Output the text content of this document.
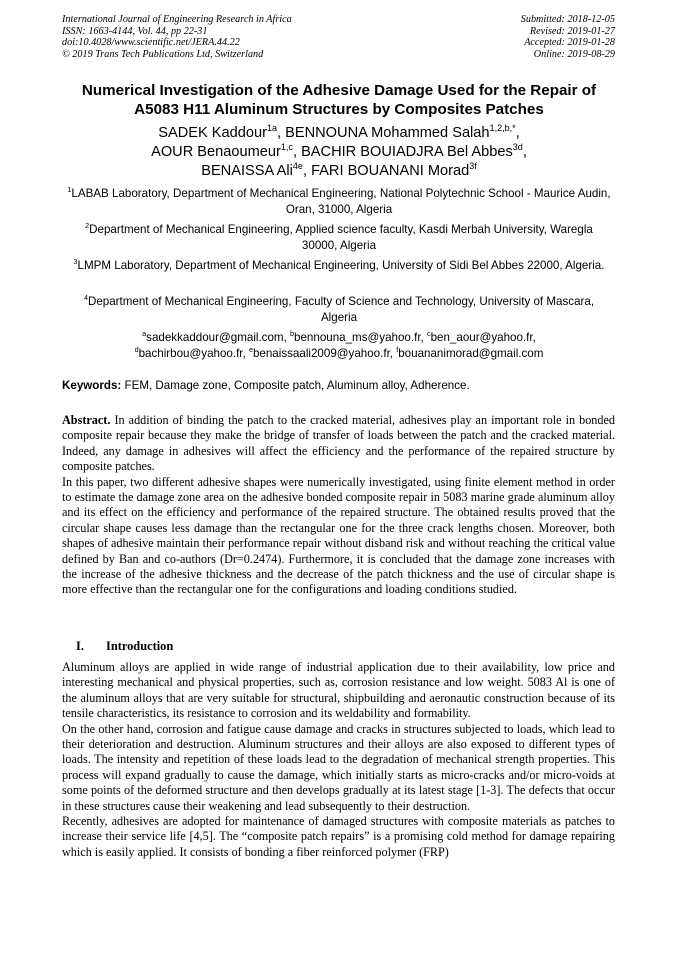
International Journal of Engineering Research in Africa
ISSN: 1663-4144, Vol. 44, pp 22-31
doi:10.4028/www.scientific.net/JERA.44.22
© 2019 Trans Tech Publications Ltd, Switzerland
Submitted: 2018-12-05
Revised: 2019-01-27
Accepted: 2019-01-28
Online: 2019-08-29
Numerical Investigation of the Adhesive Damage Used for the Repair of
A5083 H11 Aluminum Structures by Composites Patches
SADEK Kaddour$^{1a}$, BENNOUNA Mohammed Salah$^{1,2,b,*}$,
AOUR Benaoumeur$^{1,c}$, BACHIR BOUIADJRA Bel Abbes$^{3d}$,
BENAISSA Ali$^{4e}$, FARI BOUANANI Morad$^{3f}$
$^1$LABAB Laboratory, Department of Mechanical Engineering, National Polytechnic School - Maurice Audin, Oran, 31000, Algeria
$^2$Department of Mechanical Engineering, Applied science faculty, Kasdi Merbah University, Waregla 30000, Algeria
$^3$LMPM Laboratory, Department of Mechanical Engineering, University of Sidi Bel Abbes 22000, Algeria.
$^4$Department of Mechanical Engineering, Faculty of Science and Technology, University of Mascara, Algeria
$^a$sadekkaddour@gmail.com, $^b$bennouna_ms@yahoo.fr, $^c$ben_aour@yahoo.fr,
$^d$bachirbou@yahoo.fr, $^e$benaissaali2009@yahoo.fr, $^f$bouananimorad@gmail.com
Keywords: FEM, Damage zone, Composite patch, Aluminum alloy, Adherence.

Abstract. In addition of binding the patch to the cracked material, adhesives play an important role in bonded composite repair because they make the bridge of transfer of loads between the patch and the cracked material. Indeed, any damage in adhesives will affect the efficiency and the performance of the repaired structure by composite patches.

In this paper, two different adhesive shapes were numerically investigated, using finite element method in order to estimate the damage zone area on the adhesive bonded composite repair in 5083 marine grade aluminum alloy and its effect on the efficiency and performance of the repaired structure. The obtained results proved that the circular shape causes less damage than the rectangular one for the three crack lengths chosen. Moreover, both shapes of adhesive maintain their performance repair without disband risk and without reaching the critical value defined by Ban and co-authors (Dr=0.2474). Furthermore, it is concluded that the damage zone increases with the increase of the adhesive thickness and the decrease of the patch thickness and the use of circular shape is more effective than the rectangular one for the configurations and loading conditions studied.

I. Introduction

Aluminum alloys are applied in wide range of industrial application due to their availability, low price and interesting mechanical and physical properties, such as, corrosion resistance and low weight. 5083 Al is one of the aluminum alloys that are very suitable for structural, shipbuilding and aeronautic construction because of its tensile characteristics, its resistance to corrosion and its weldability and formability.

On the other hand, corrosion and fatigue cause damage and cracks in structures subjected to loads, which lead to their deterioration and destruction. Aluminum structures and their alloys are also exposed to different types of loads. The intensity and repetition of these loads lead to the degradation of mechanical strength properties. This process will expand gradually to cause the damage, which initially starts as micro-cracks and/or micro-voids at some points of the deformed structure and then develops gradually at its latest stage [1-3]. The defects that occur in these structures cause their weakening and lead subsequently to their destruction.

Recently, adhesives are adopted for maintenance of damaged structures with composite materials as patches to increase their service life [4,5]. The “composite patch repairs” is a promising cold method for damage repairing which is easily applied. It consists of bonding a fiber reinforced polymer (FRP)
